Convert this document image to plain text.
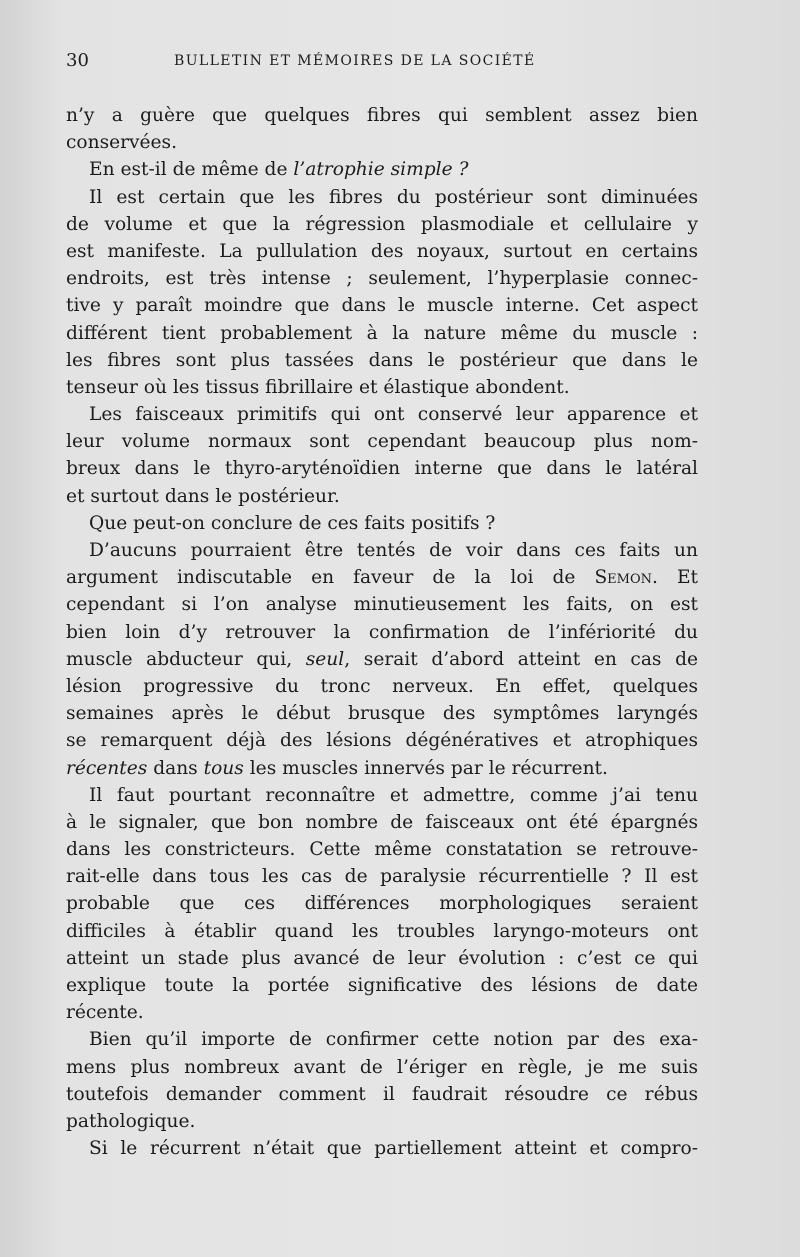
30	BULLETIN ET MÉMOIRES DE LA SOCIÉTÉ
n’y a guère que quelques fibres qui semblent assez bien
conservées.
En est-il de même de l’atrophie simple ?
Il est certain que les fibres du postérieur sont diminuées
de volume et que la régression plasmodiale et cellulaire y
est manifeste. La pullulation des noyaux, surtout en certains
endroits, est très intense ; seulement, l’hyperplasie connec-
tive y paraît moindre que dans le muscle interne. Cet aspect
différent tient probablement à la nature même du muscle :
les fibres sont plus tassées dans le postérieur que dans le
tenseur où les tissus fibrillaire et élastique abondent.
Les faisceaux primitifs qui ont conservé leur apparence et
leur volume normaux sont cependant beaucoup plus nom-
breux dans le thyro-aryténoïdien interne que dans le latéral
et surtout dans le postérieur.
Que peut-on conclure de ces faits positifs ?
D’aucuns pourraient être tentés de voir dans ces faits un
argument indiscutable en faveur de la loi de Semon. Et
cependant si l’on analyse minutieusement les faits, on est
bien loin d’y retrouver la confirmation de l’infériorité du
muscle abducteur qui, seul, serait d’abord atteint en cas de
lésion progressive du tronc nerveux. En effet, quelques
semaines après le début brusque des symptômes laryngés
se remarquent déjà des lésions dégénératives et atrophiques
récentes dans tous les muscles innervés par le récurrent.
Il faut pourtant reconnaître et admettre, comme j’ai tenu
à le signaler, que bon nombre de faisceaux ont été épargnés
dans les constricteurs. Cette même constatation se retrouve-
rait-elle dans tous les cas de paralysie récurrentielle ? Il est
probable que ces différences morphologiques seraient
difficiles à établir quand les troubles laryngo-moteurs ont
atteint un stade plus avancé de leur évolution : c’est ce qui
explique toute la portée significative des lésions de date
récente.
Bien qu’il importe de confirmer cette notion par des exa-
mens plus nombreux avant de l’ériger en règle, je me suis
toutefois demander comment il faudrait résoudre ce rébus
pathologique.
Si le récurrent n’était que partiellement atteint et compro-
